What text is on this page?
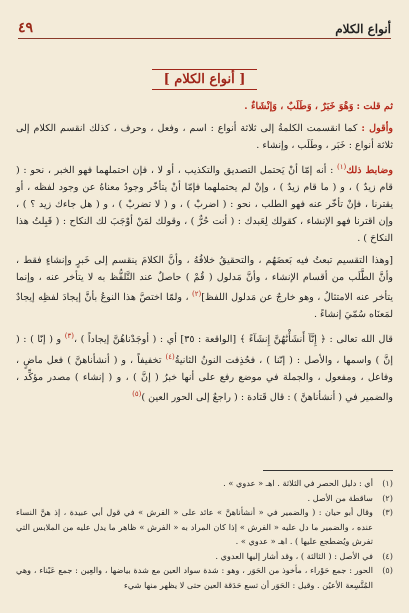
أنواع الكلام
٤٩
[ أنواع الكلام ]

ثم قلت : وَهْوَ خَبَرٌ ، وَطَلَبٌ ، وَإنْشَاءٌ .

وأقول : كما انقسمت الكلمةُ إلى ثلاثة أنواع : اسم ، وفعل ، وحرف ، كذلك انقسم الكلام إلى ثلاثة أنواع : خَبَر ، وطَلَب ، وإنشاء .

وضابط ذلك$^{(١)}$ : أنه إمّا أنْ يَحتمل التصديق والتكذيب ، أو لا ، فإن احتملهما فهو الخبر ، نحو : ( قام زيدٌ ) ، و ( ما قام زيدٌ ) ، وإنْ لم يحتملهما فإمّا أنْ يتأخّر وجودُ معناهُ عن وجود لفظه ، أو يقترنا ، فإنْ تأخّر عنه فهو الطلب ، نحو : ( اضربْ ) ، و ( لا تضربْ ) ، و ( هل جاءك زيد ؟ ) ، وإن اقترنا فهو الإنشاء ، كقولك لِعَبدك : ( أنت حُرٌّ ) ، وقولك لمَنْ أوْجَبَ لك النكاح : ( قَبِلتُ هذا النكاحَ ) .

[وهذا التقسيم تبعتُ فيه بَعضَهُم ، والتحقيقُ خلافُهُ ، وأنَّ الكلامَ ينقسم إلى خَبرٍ وإنشاءٍ فقط ، وأنَّ الطَّلَب من أقسام الإنشاء ، وأنَّ مَدلول ( قُمْ ) حاصلٌ عند التَّلفُّظ به لا يتأخر عنه ، وإنما يتأخر عنه الامتثالُ ، وهو خارجٌ عن مَدلول اللفظ]$^{(٢)}$ ، ولمّا اختصَّ هذا النوعُ بأنَّ إيجادَ لفظِه إيجادٌ لمَعنَاه سُمّيَ إنشاءً .

قال الله تعالى : ﴿ إِنَّآ أَنشَأْنَٰهُنَّ إِنشَآءً ﴾ [الواقعة : ٣٥] أي : ( أوجَدْناهُنَّ إيجاداً ) ،$^{(٣)}$ و ( إنّا ) : ( إنَّ ) واسمها ، والأصل : ( إنّنا ) ، فحُذِفت النونُ الثانيةُ$^{(٤)}$ تخفيفاً ، و ( أنشأناهنَّ ) فعل ماضٍ ، وفاعل ، ومفعول ، والجملة في موضع رفع على أنها خبرُ ( إنَّ ) ، و ( إنشاء ) مصدر مؤكِّد ، والضمير في ( أنشأناهنَّ ) : قال قَتادة : ( راجعٌ إلى الحور العين )$^{(٥)}$

(١)
أي : دليل الحصر في الثلاثة . اهـ « عدوي » .
(٢)
ساقطة من الأصل .
(٣)
وقال أبو حيان : ( والضمير في « أنشأناهنَّ » عائد على « الفرش » في قول أبي عبيدة ، إذ هنَّ النساء عنده ، والضمير ما دل عليه « الفرش » إذا كان المراد به « الفرش » ظاهر ما يدل عليه من الملابس التي تفرش ويُضطجع عليها ) . اهـ « عدوي » .
(٤)
في الأصل : ( الثالثة ) ، وقد أشار إليها العدوي .
(٥)
الحور : جمع حَوْراء ، مأخوذ من الحَوَر ، وهو : شدة سواد العين مع شدة بياضها ، والعِين : جمع عَيْناء ، وهي المُتَّسِعة الأعيُن . وقيل : الحَوَر أن تسع حَدَقة العين حتى لا يظهر منها شيء
